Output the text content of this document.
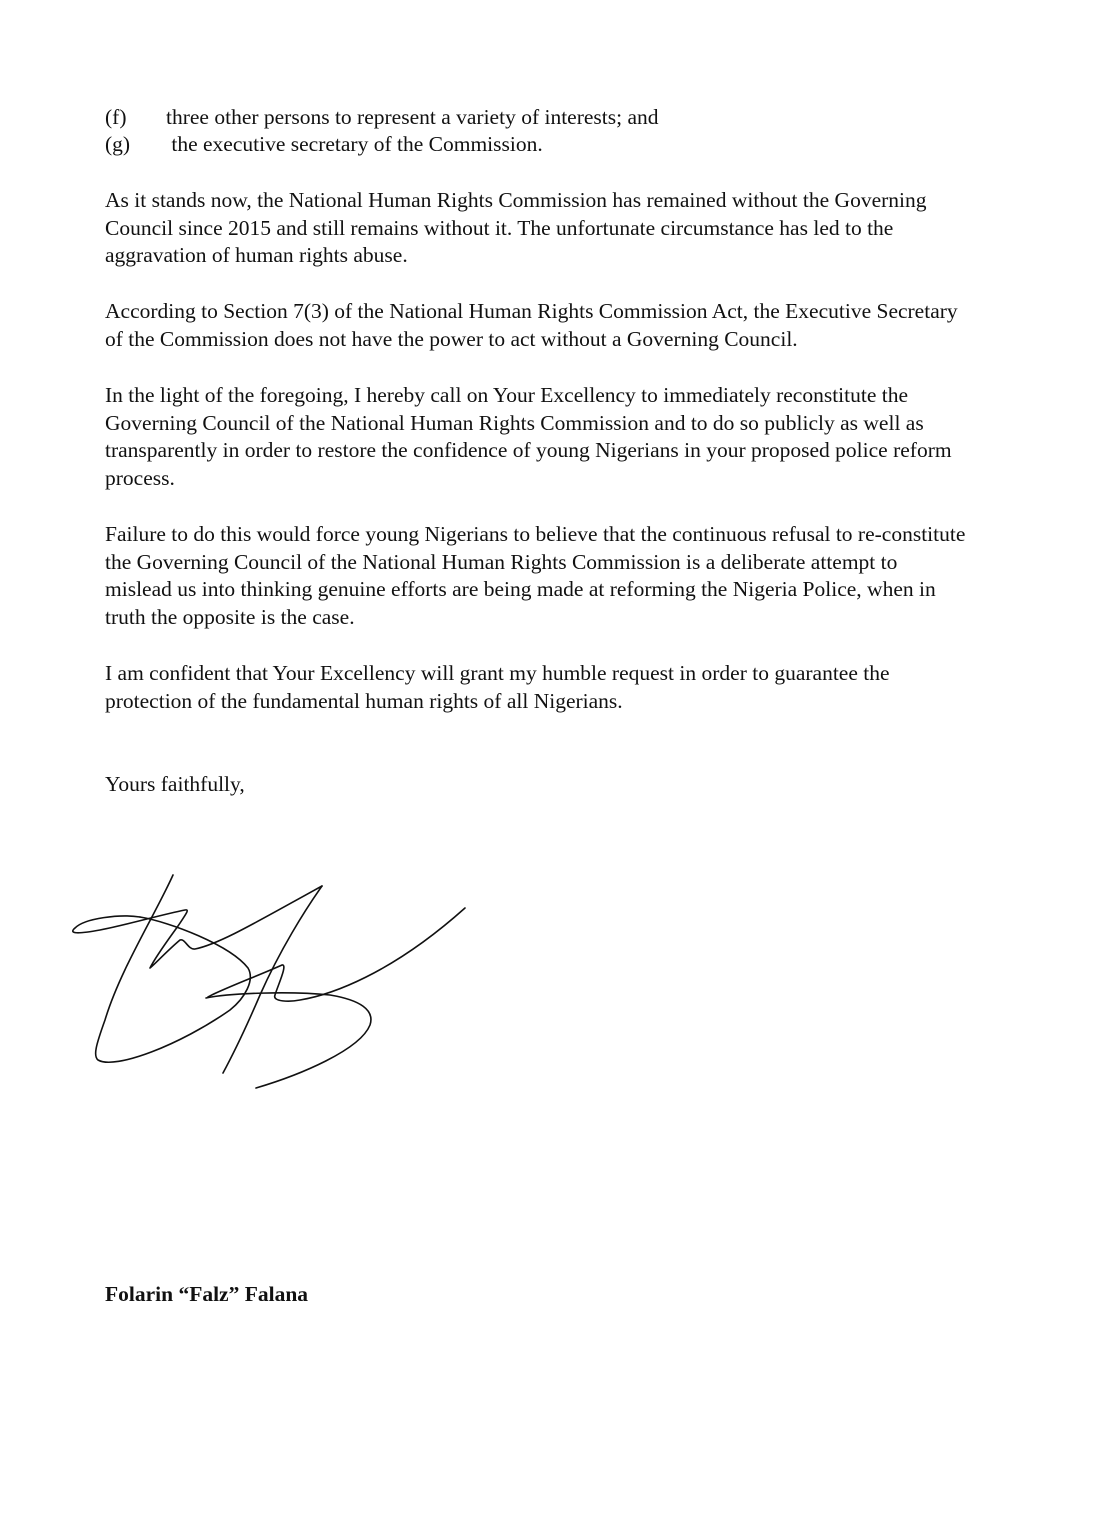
(f) three other persons to represent a variety of interests; and
(g) the executive secretary of the Commission.

As it stands now, the National Human Rights Commission has remained without the Governing
Council since 2015 and still remains without it. The unfortunate circumstance has led to the
aggravation of human rights abuse.

According to Section 7(3) of the National Human Rights Commission Act, the Executive Secretary
of the Commission does not have the power to act without a Governing Council.

In the light of the foregoing, I hereby call on Your Excellency to immediately reconstitute the
Governing Council of the National Human Rights Commission and to do so publicly as well as
transparently in order to restore the confidence of young Nigerians in your proposed police reform
process.

Failure to do this would force young Nigerians to believe that the continuous refusal to re-constitute
the Governing Council of the National Human Rights Commission is a deliberate attempt to
mislead us into thinking genuine efforts are being made at reforming the Nigeria Police, when in
truth the opposite is the case.

I am confident that Your Excellency will grant my humble request in order to guarantee the
protection of the fundamental human rights of all Nigerians.

Yours faithfully,
Folarin “Falz” Falana
